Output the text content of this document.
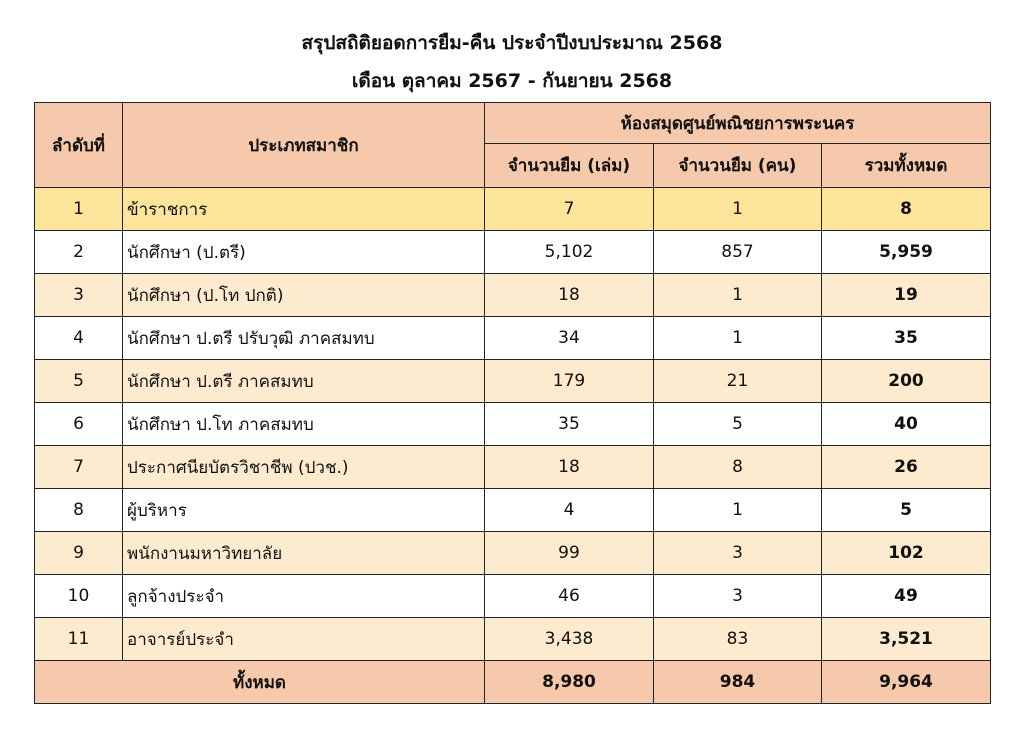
สรุปสถิติยอดการยืม-คืน ประจำปีงบประมาณ 2568
เดือน ตุลาคม 2567 - กันยายน 2568
ลำดับที่	ประเภทสมาชิก	ห้องสมุดศูนย์พณิชยการพระนคร		
		จำนวนยืม (เล่ม)	จำนวนยืม (คน)	รวมทั้งหมด
1	ข้าราชการ	7	1	8
2	นักศึกษา (ป.ตรี)	5,102	857	5,959
3	นักศึกษา (ป.โท ปกติ)	18	1	19
4	นักศึกษา ป.ตรี ปรับวุฒิ ภาคสมทบ	34	1	35
5	นักศึกษา ป.ตรี ภาคสมทบ	179	21	200
6	นักศึกษา ป.โท ภาคสมทบ	35	5	40
7	ประกาศนียบัตรวิชาชีพ (ปวช.)	18	8	26
8	ผู้บริหาร	4	1	5
9	พนักงานมหาวิทยาลัย	99	3	102
10	ลูกจ้างประจำ	46	3	49
11	อาจารย์ประจำ	3,438	83	3,521
ทั้งหมด		8,980	984	9,964
